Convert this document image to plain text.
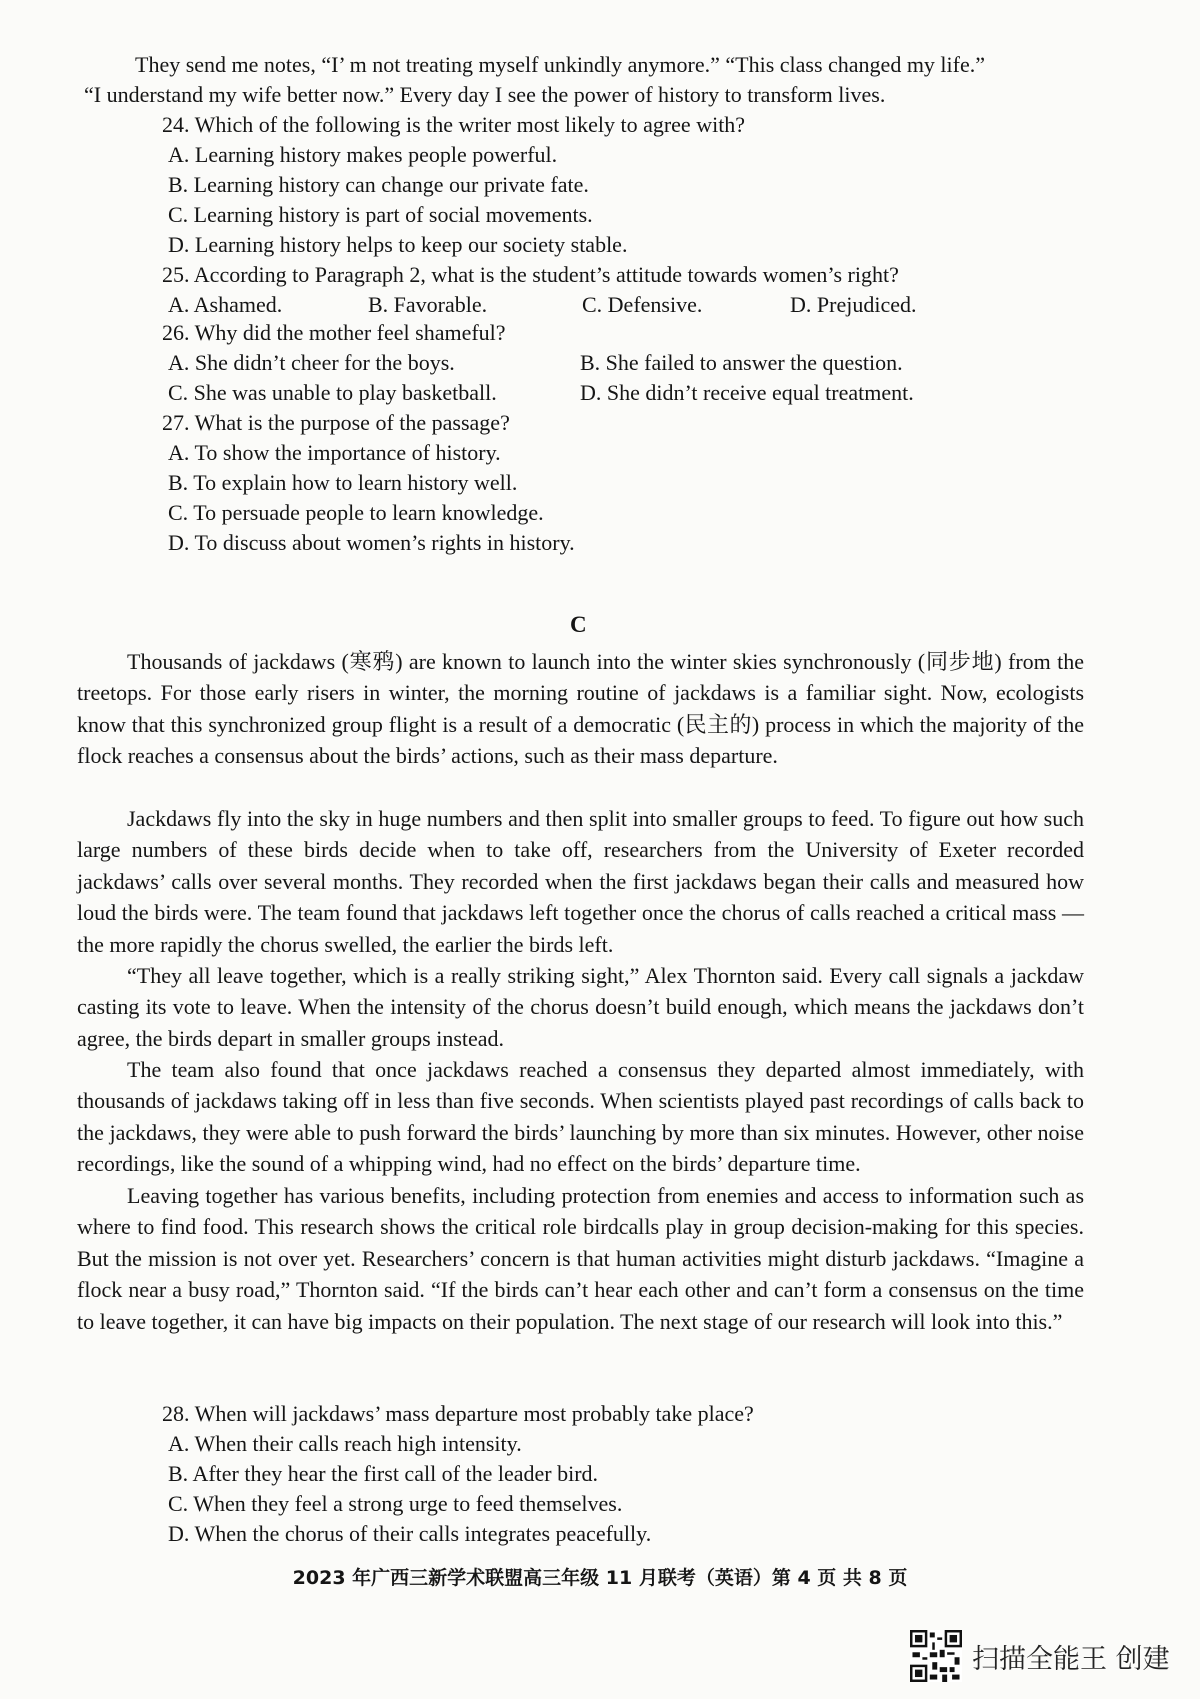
They send me notes, “I’ m not treating myself unkindly anymore.” “This class changed my life.”
“I understand my wife better now.” Every day I see the power of history to transform lives.
24. Which of the following is the writer most likely to agree with?
A. Learning history makes people powerful.
B. Learning history can change our private fate.
C. Learning history is part of social movements.
D. Learning history helps to keep our society stable.
25. According to Paragraph 2, what is the student’s attitude towards women’s right?
A. Ashamed.	B. Favorable.	C. Defensive.	D. Prejudiced.
26. Why did the mother feel shameful?
A. She didn’t cheer for the boys.	B. She failed to answer the question.
C. She was unable to play basketball.	D. She didn’t receive equal treatment.
27. What is the purpose of the passage?
A. To show the importance of history.
B. To explain how to learn history well.
C. To persuade people to learn knowledge.
D. To discuss about women’s rights in history.
C
Thousands of jackdaws (寒鸦) are known to launch into the winter skies synchronously (同步地) from the treetops. For those early risers in winter, the morning routine of jackdaws is a familiar sight. Now, ecologists know that this synchronized group flight is a result of a democratic (民主的) process in which the majority of the flock reaches a consensus about the birds’ actions, such as their mass departure.
Jackdaws fly into the sky in huge numbers and then split into smaller groups to feed. To figure out how such large numbers of these birds decide when to take off, researchers from the University of Exeter recorded jackdaws’ calls over several months. They recorded when the first jackdaws began their calls and measured how loud the birds were. The team found that jackdaws left together once the chorus of calls reached a critical mass — the more rapidly the chorus swelled, the earlier the birds left.
“They all leave together, which is a really striking sight,” Alex Thornton said. Every call signals a jackdaw casting its vote to leave. When the intensity of the chorus doesn’t build enough, which means the jackdaws don’t agree, the birds depart in smaller groups instead.
The team also found that once jackdaws reached a consensus they departed almost immediately, with thousands of jackdaws taking off in less than five seconds. When scientists played past recordings of calls back to the jackdaws, they were able to push forward the birds’ launching by more than six minutes. However, other noise recordings, like the sound of a whipping wind, had no effect on the birds’ departure time.
Leaving together has various benefits, including protection from enemies and access to information such as where to find food. This research shows the critical role birdcalls play in group decision-making for this species. But the mission is not over yet. Researchers’ concern is that human activities might disturb jackdaws. “Imagine a flock near a busy road,” Thornton said. “If the birds can’t hear each other and can’t form a consensus on the time to leave together, it can have big impacts on their population. The next stage of our research will look into this.”
28. When will jackdaws’ mass departure most probably take place?
A. When their calls reach high intensity.
B. After they hear the first call of the leader bird.
C. When they feel a strong urge to feed themselves.
D. When the chorus of their calls integrates peacefully.
2023 年广西三新学术联盟高三年级 11 月联考（英语）第 4 页 共 8 页
扫描全能王 创建
